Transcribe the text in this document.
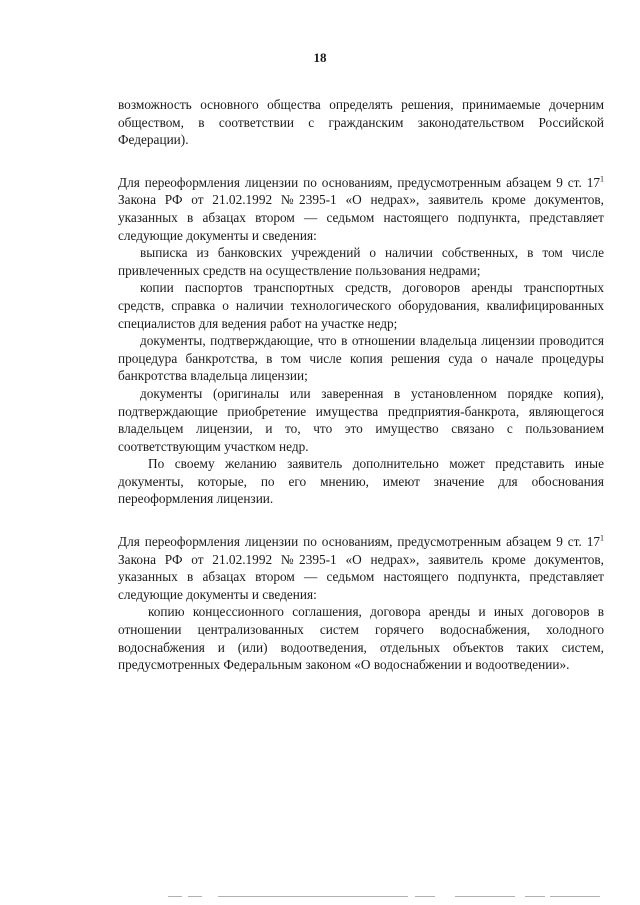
18

возможность основного общества определять решения, принимаемые дочерним обществом, в соответствии с гражданским законодательством Российской Федерации).

Для переоформления лицензии по основаниям, предусмотренным абзацем 9 ст. $17^1$ Закона РФ от 21.02.1992 №2395-1 «О недрах», заявитель кроме документов, указанных в абзацах втором — седьмом настоящего подпункта, представляет следующие документы и сведения:

выписка из банковских учреждений о наличии собственных, в том числе привлеченных средств на осуществление пользования недрами;

копии паспортов транспортных средств, договоров аренды транспортных средств, справка о наличии технологического оборудования, квалифицированных специалистов для ведения работ на участке недр;

документы, подтверждающие, что в отношении владельца лицензии проводится процедура банкротства, в том числе копия решения суда о начале процедуры банкротства владельца лицензии;

документы (оригиналы или заверенная в установленном порядке копия), подтверждающие приобретение имущества предприятия-банкрота, являющегося владельцем лицензии, и то, что это имущество связано с пользованием соответствующим участком недр.

По своему желанию заявитель дополнительно может представить иные документы, которые, по его мнению, имеют значение для обоснования переоформления лицензии.

Для переоформления лицензии по основаниям, предусмотренным абзацем 9 ст. $17^1$ Закона РФ от 21.02.1992 №2395-1 «О недрах», заявитель кроме документов, указанных в абзацах втором — седьмом настоящего подпункта, представляет следующие документы и сведения:

копию концессионного соглашения, договора аренды и иных договоров в отношении централизованных систем горячего водоснабжения, холодного водоснабжения и (или) водоотведения, отдельных объектов таких систем, предусмотренных Федеральным законом «О водоснабжении и водоотведении».
